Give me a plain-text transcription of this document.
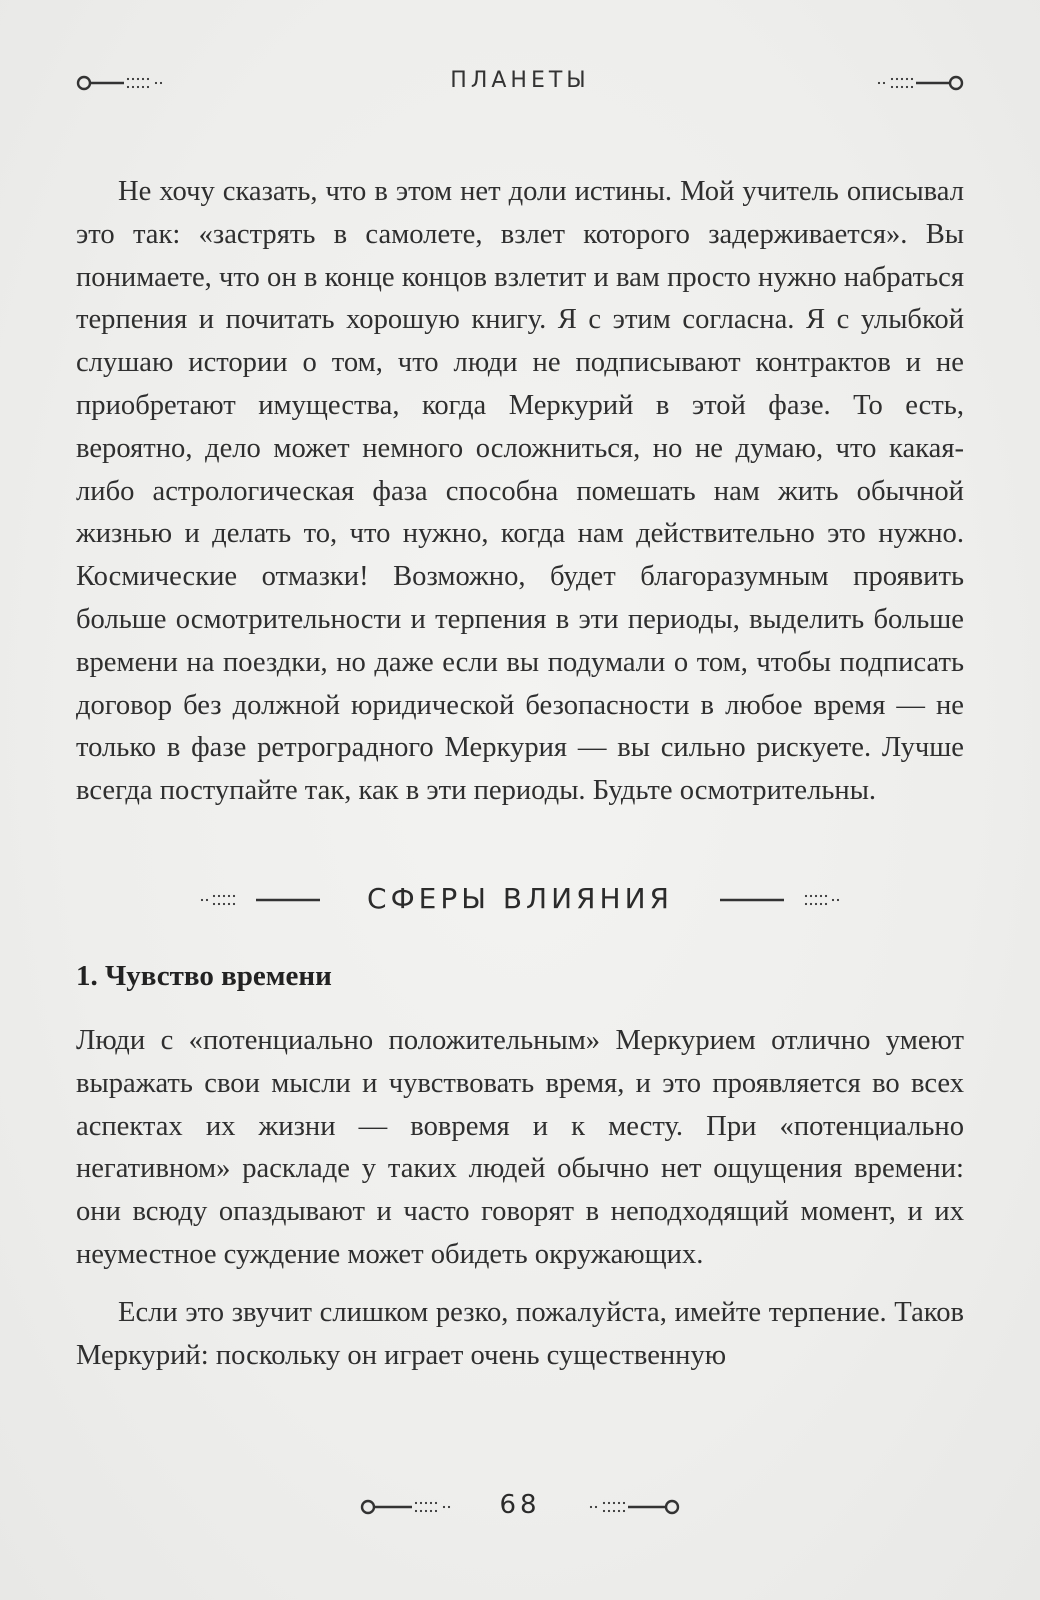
ПЛАНЕТЫ

Не хочу сказать, что в этом нет доли истины. Мой учитель описывал это так: «застрять в самолете, взлет которого задерживается». Вы понимаете, что он в конце концов взлетит и вам просто нужно набраться терпения и почитать хорошую книгу. Я с этим согласна. Я с улыбкой слушаю истории о том, что люди не подписывают контрактов и не приобретают имущества, когда Меркурий в этой фазе. То есть, вероятно, дело может немного осложниться, но не думаю, что какая-либо астрологическая фаза способна помешать нам жить обычной жизнью и делать то, что нужно, когда нам действительно это нужно. Космические отмазки! Возможно, будет благоразумным проявить больше осмотрительности и терпения в эти периоды, выделить больше времени на поездки, но даже если вы подумали о том, чтобы подписать договор без должной юридической безопасности в любое время — не только в фазе ретроградного Меркурия — вы сильно рискуете. Лучше всегда поступайте так, как в эти периоды. Будьте осмотрительны.

СФЕРЫ ВЛИЯНИЯ
1. Чувство времени

Люди с «потенциально положительным» Меркурием отлично умеют выражать свои мысли и чувствовать время, и это проявляется во всех аспектах их жизни — вовремя и к месту. При «потенциально негативном» раскладе у таких людей обычно нет ощущения времени: они всюду опаздывают и часто говорят в неподходящий момент, и их неуместное суждение может обидеть окружающих.

Если это звучит слишком резко, пожалуйста, имейте терпение. Таков Меркурий: поскольку он играет очень существенную

68
